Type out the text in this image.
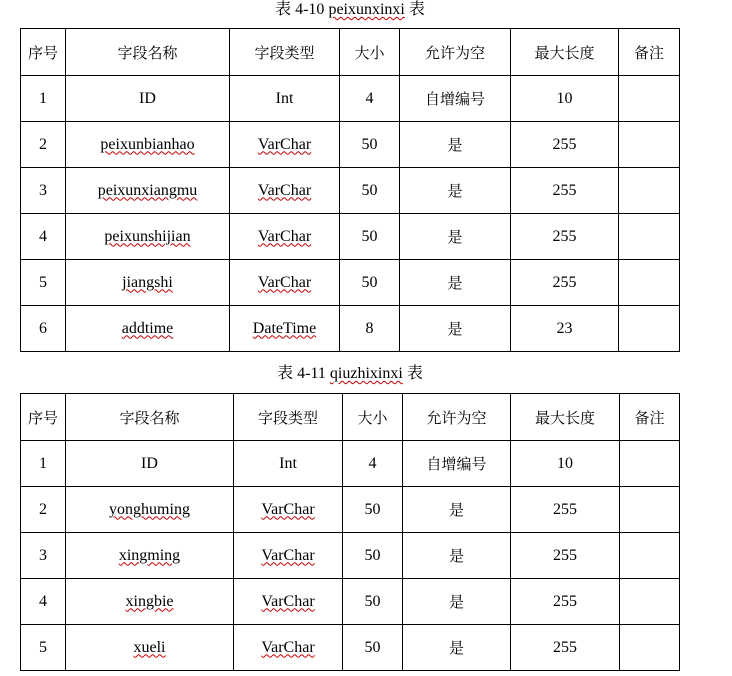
表 4-10 peixunxinxi 表
序号	字段名称	字段类型	大小	允许为空	最大长度	备注
1	ID	Int	4	自增编号	10	
2	peixunbianhao	VarChar	50	是	255	
3	peixunxiangmu	VarChar	50	是	255	
4	peixunshijian	VarChar	50	是	255	
5	jiangshi	VarChar	50	是	255	
6	addtime	DateTime	8	是	23	
表 4-11 qiuzhixinxi 表
序号	字段名称	字段类型	大小	允许为空	最大长度	备注
1	ID	Int	4	自增编号	10	
2	yonghuming	VarChar	50	是	255	
3	xingming	VarChar	50	是	255	
4	xingbie	VarChar	50	是	255	
5	xueli	VarChar	50	是	255	
